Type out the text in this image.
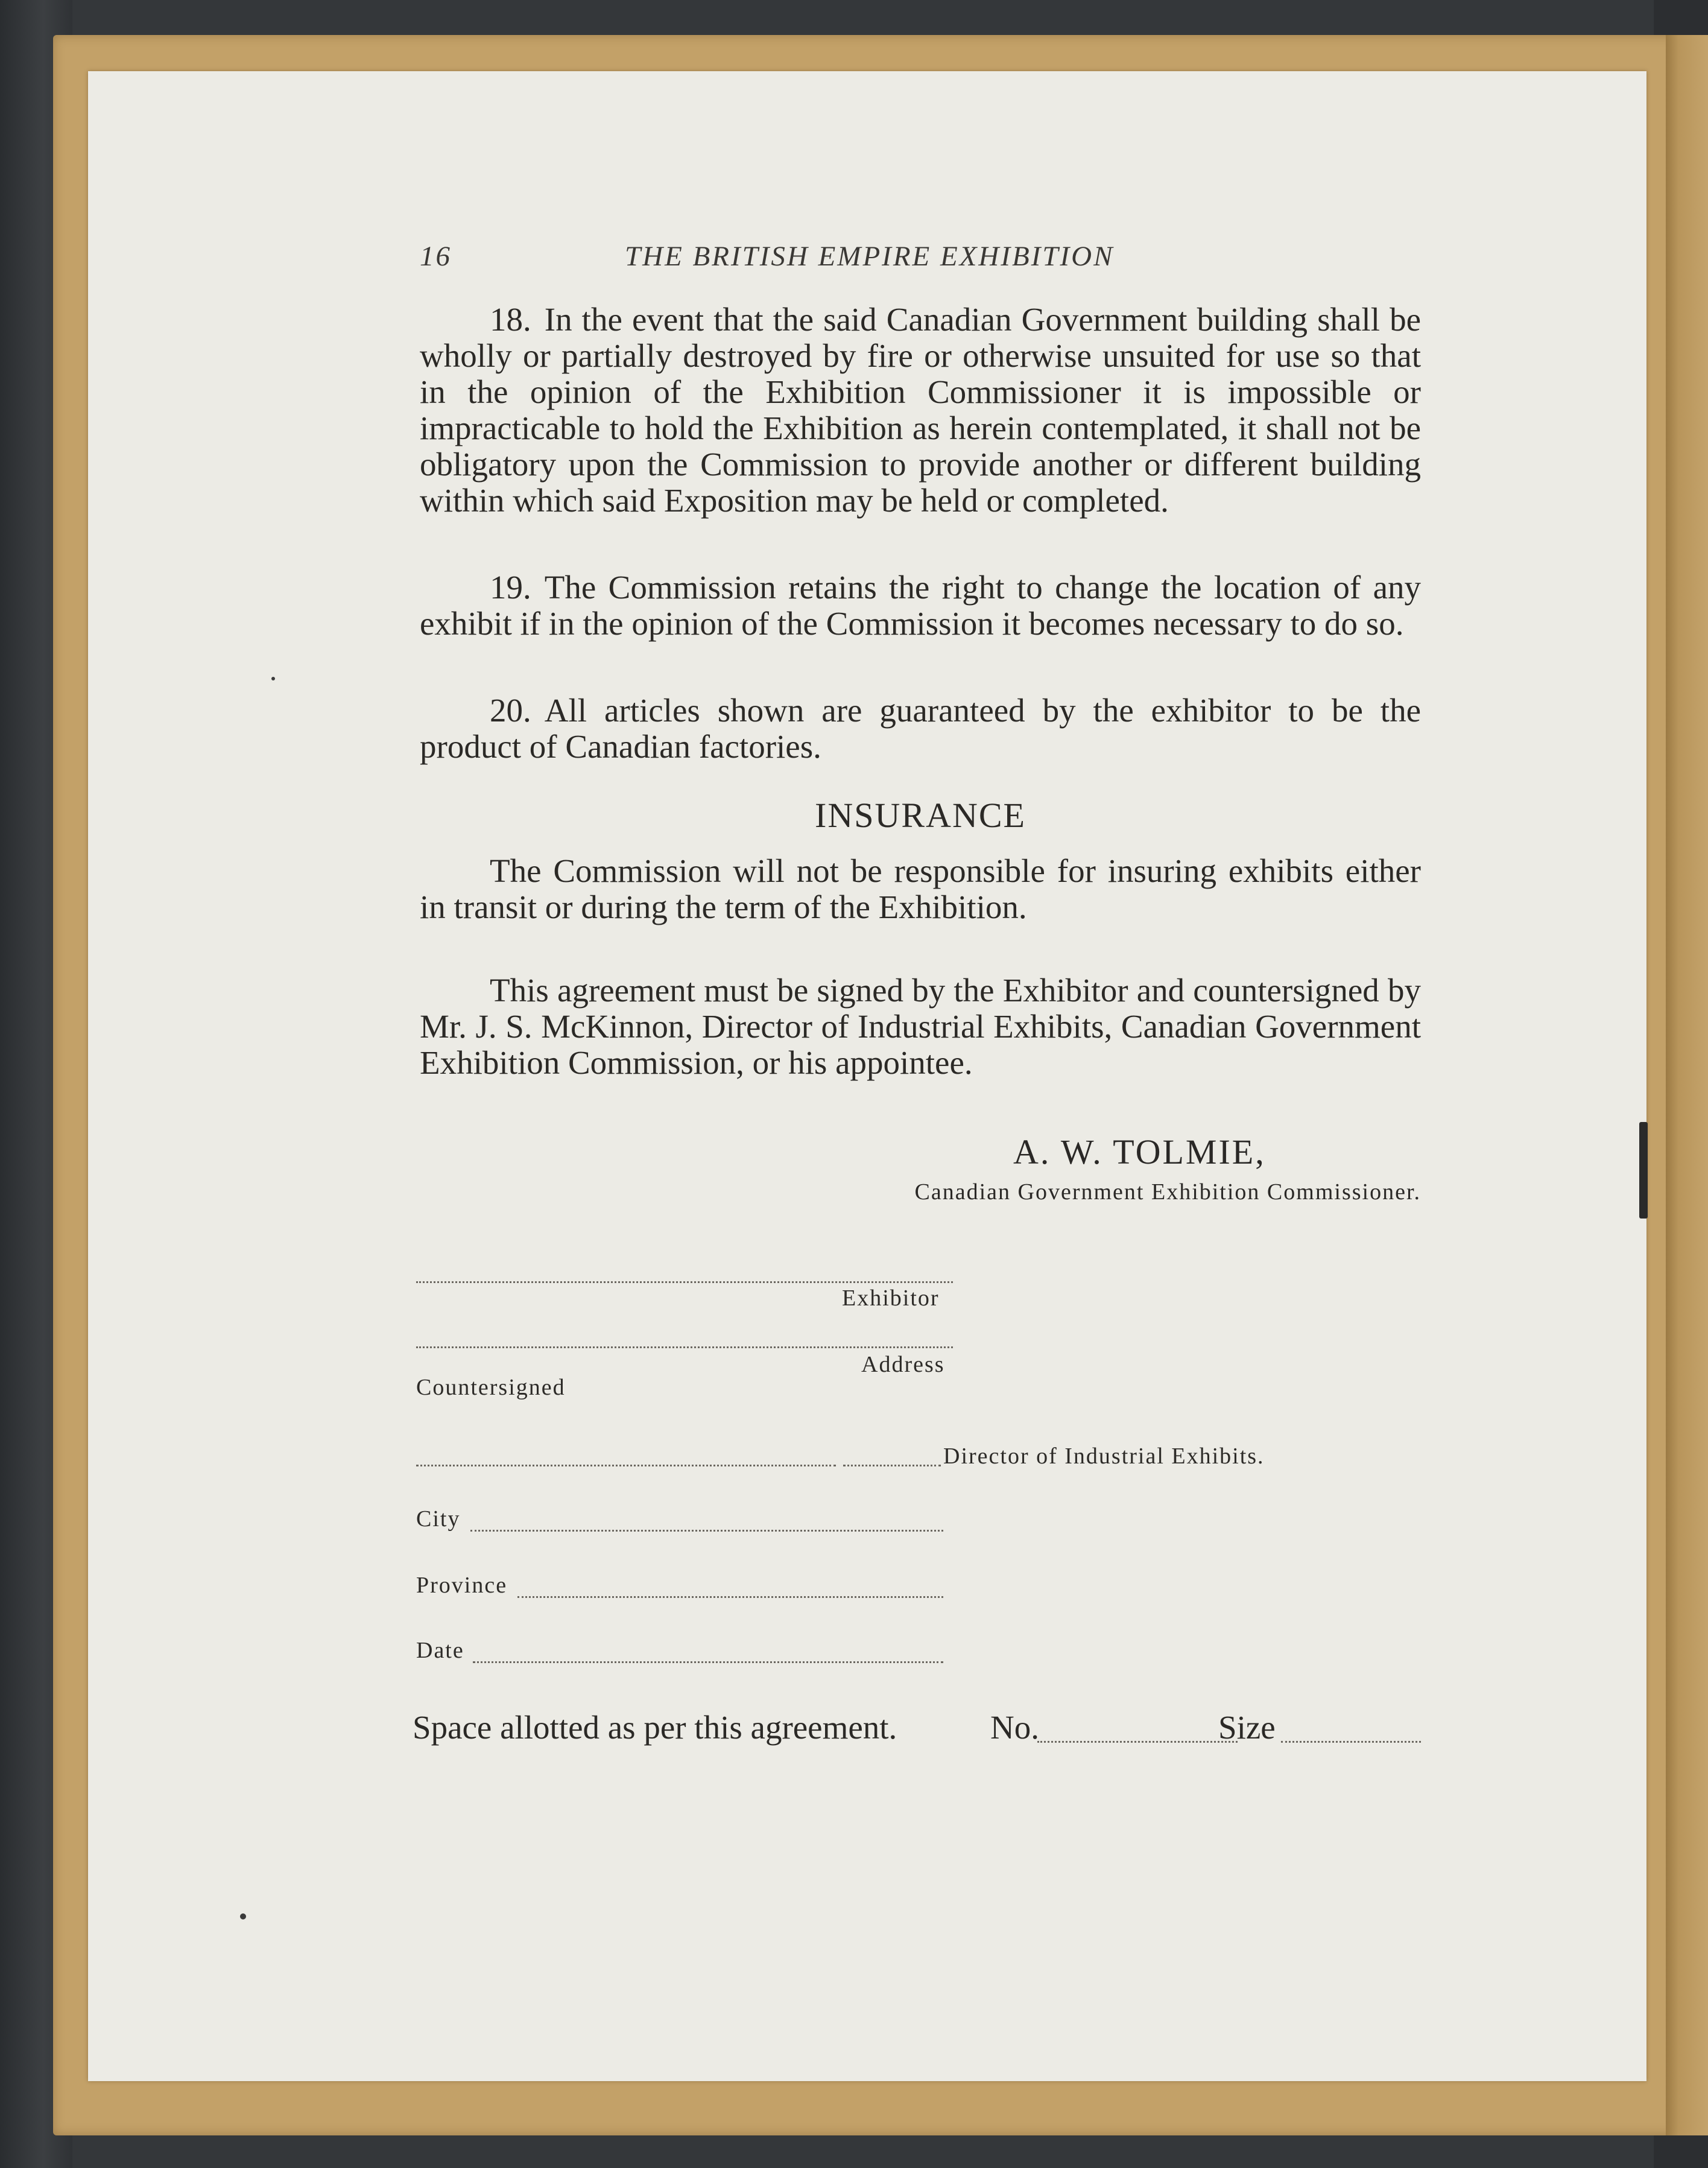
16	THE BRITISH EMPIRE EXHIBITION
18. In the event that the said Canadian Government building shall be wholly or partially destroyed by fire or otherwise unsuited for use so that in the opinion of the Exhibition Commissioner it is impossible or impracticable to hold the Exhibition as herein contemplated, it shall not be obligatory upon the Commission to provide another or different building within which said Exposition may be held or completed.
19. The Commission retains the right to change the location of any exhibit if in the opinion of the Commission it becomes necessary to do so.
20. All articles shown are guaranteed by the exhibitor to be the product of Canadian factories.
INSURANCE
The Commission will not be responsible for insuring exhibits either in transit or during the term of the Exhibition.
This agreement must be signed by the Exhibitor and countersigned by Mr. J. S. McKinnon, Director of Industrial Exhibits, Canadian Government Exhibition Commission, or his appointee.
A. W. TOLMIE,
Canadian Government Exhibition Commissioner.
Exhibitor
Address
Countersigned
Director of Industrial Exhibits.
City
Province
Date
Space allotted as per this agreement.	No.	Size
